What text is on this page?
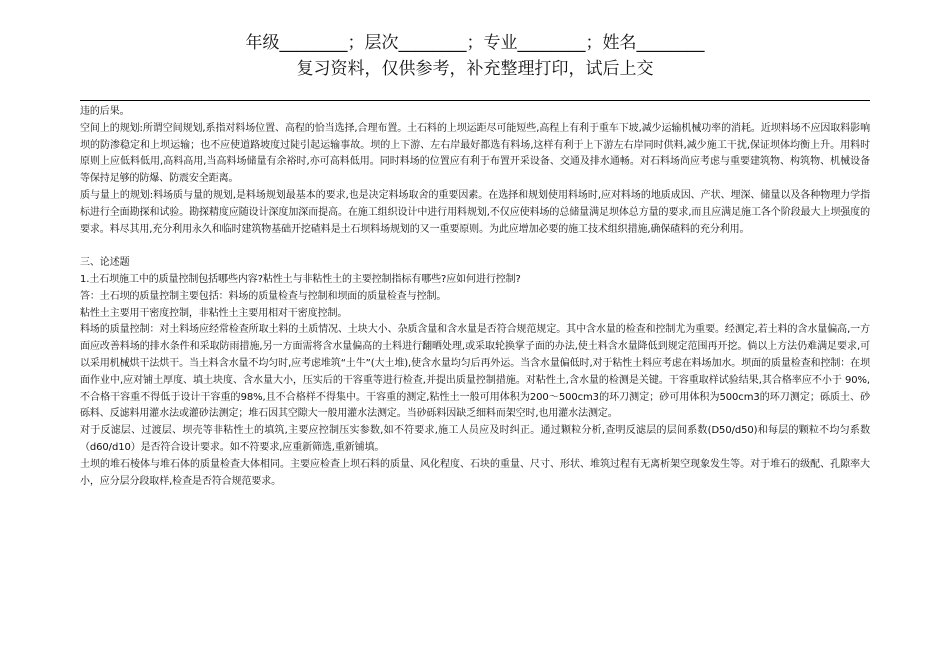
年级________；层次________；专业________；姓名________
复习资料，仅供参考，补充整理打印，试后上交

违的后果。

空间上的规划:所谓空间规划,系指对料场位置、高程的恰当选择,合理布置。土石料的上坝运距尽可能短些,高程上有利于重车下坡,减少运输机械功率的消耗。近坝料场不应因取料影响坝的防渗稳定和上坝运输；也不应使道路坡度过陡引起运输事故。坝的上下游、左右岸最好都选有料场,这样有利于上下游左右岸同时供料,减少施工干扰,保证坝体均衡上升。用料时原则上应低料低用,高料高用,当高料场储量有余裕时,亦可高料低用。同时料场的位置应有利于布置开采设备、交通及排水通畅。对石料场尚应考虑与重要建筑物、构筑物、机械设备等保持足够的防爆、防震安全距离。

质与量上的规划:料场质与量的规划,是料场规划最基本的要求,也是决定料场取舍的重要因素。在选择和规划使用料场时,应对料场的地质成因、产状、埋深、储量以及各种物理力学指标进行全面勘探和试验。勘探精度应随设计深度加深而提高。在施工组织设计中进行用料规划,不仅应使料场的总储量满足坝体总方量的要求,而且应满足施工各个阶段最大上坝强度的要求。料尽其用,充分利用永久和临时建筑物基础开挖碴料是土石坝料场规划的又一重要原则。为此应增加必要的施工技术组织措施,确保碴料的充分利用。

三、论述题

1.土石坝施工中的质量控制包括哪些内容?粘性土与非粘性土的主要控制指标有哪些?应如何进行控制?

答：土石坝的质量控制主要包括：料场的质量检查与控制和坝面的质量检查与控制。

粘性土主要用干密度控制，非粘性土主要用相对干密度控制。

料场的质量控制：对土料场应经常检查所取土料的土质情况、土块大小、杂质含量和含水量是否符合规范规定。其中含水量的检查和控制尤为重要。经测定,若土料的含水量偏高,一方面应改善料场的排水条件和采取防雨措施,另一方面需将含水量偏高的土料进行翻晒处理,或采取轮换掌子面的办法,使土料含水量降低到规定范围再开挖。倘以上方法仍难满足要求,可以采用机械烘干法烘干。当土料含水量不均匀时,应考虑堆筑“土牛”(大土堆),使含水量均匀后再外运。当含水量偏低时,对于粘性土料应考虑在料场加水。坝面的质量检查和控制：在坝面作业中,应对铺土厚度、填土块度、含水量大小，压实后的干容重等进行检查,并提出质量控制措施。对粘性土,含水量的检测是关键。干容重取样试验结果,其合格率应不小于 90%,不合格干容重不得低于设计干容重的98%,且不合格样不得集中。干容重的测定,粘性土一般可用体积为200～500cm3的环刀测定；砂可用体积为500cm3的环刀测定；砾质土、砂砾料、反滤料用灌水法或灌砂法测定；堆石因其空隙大一般用灌水法测定。当砂砾料因缺乏细料而架空时,也用灌水法测定。

对于反滤层、过渡层、坝壳等非粘性土的填筑,主要应控制压实参数,如不符要求,施工人员应及时纠正。通过颗粒分析,查明反滤层的层间系数(D50/d50)和每层的颗粒不均匀系数（d60/d10）是否符合设计要求。如不符要求,应重新筛选,重新铺填。

土坝的堆石棱体与堆石体的质量检查大体相同。主要应检查上坝石料的质量、风化程度、石块的重量、尺寸、形状、堆筑过程有无离析架空现象发生等。对于堆石的级配、孔隙率大小，应分层分段取样,检查是否符合规范要求。
